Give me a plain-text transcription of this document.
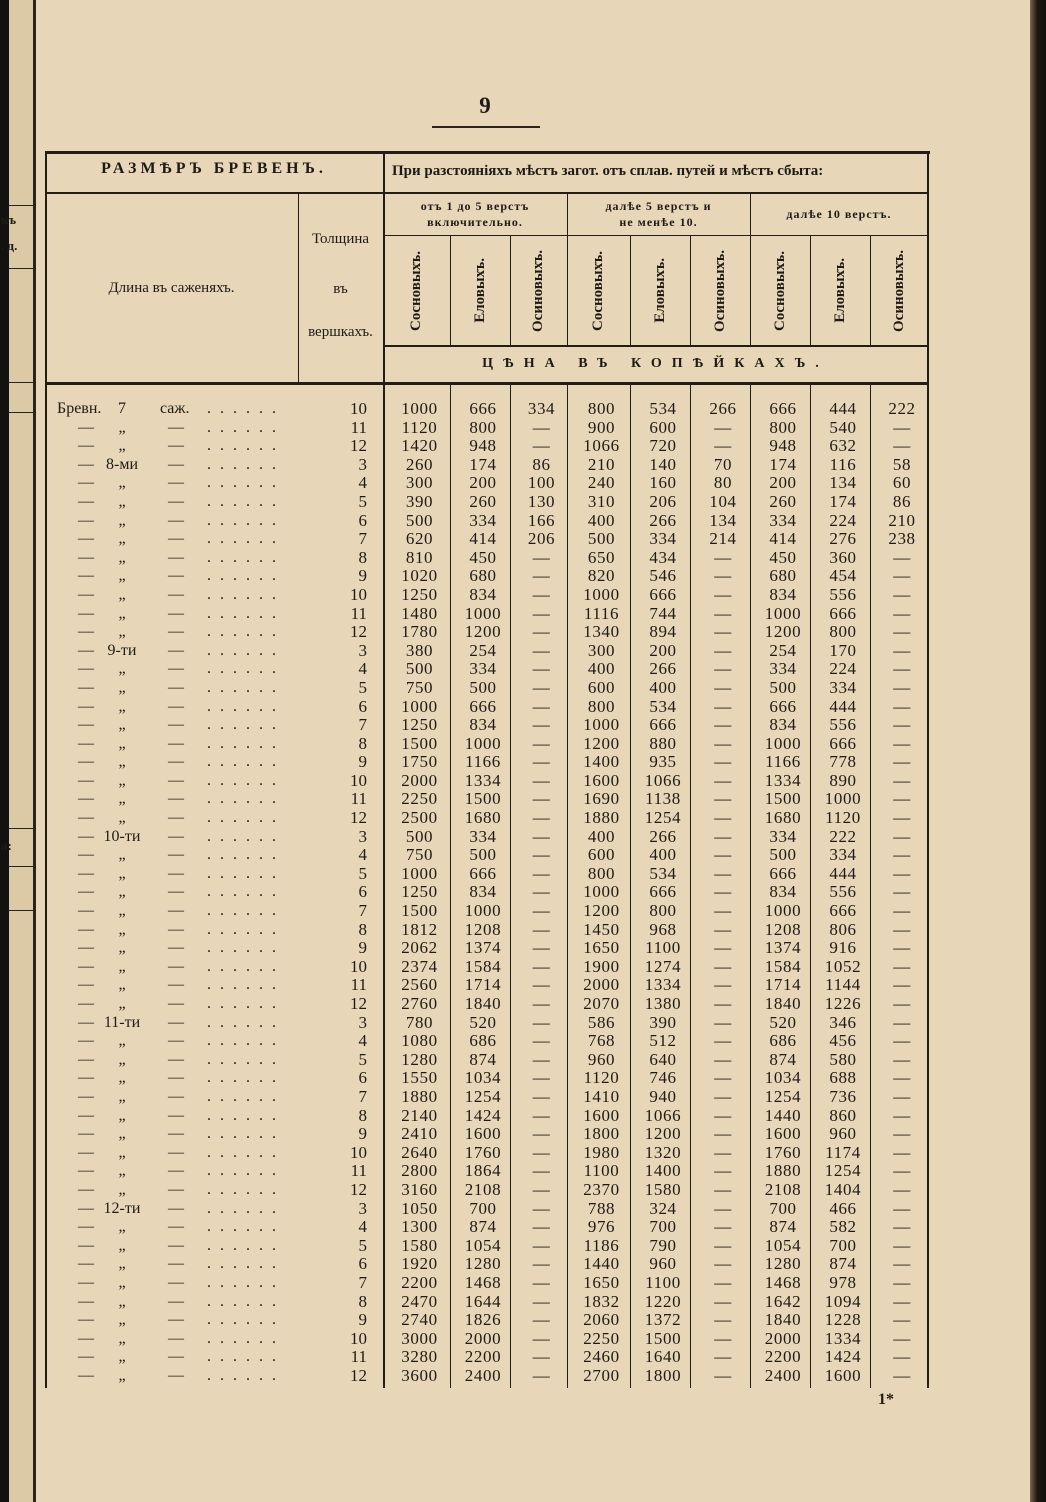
къ
. д.
а:
9
РАЗМѢРЪ БРЕВЕНЪ.	При разстояніяхъ мѣстъ загот. отъ сплав. путей и мѣстъ сбыта:
Длина въ саженяхъ.
Толщина
въ
вершкахъ.
отъ 1 до 5 верстъ
включительно.
далѣе 5 верстъ и
не менѣе 10.
далѣе 10 верстъ.
Сосновыхъ.	Еловыхъ.	Осиновыхъ.	Сосновыхъ.	Еловыхъ.	Осиновыхъ.	Сосновыхъ.	Еловыхъ.	Осиновыхъ.
ЦѢНА ВЪ КОПѢЙКАХЪ.
Бревн.	7	саж. . . . . . .	10	1000	666	334	800	534	266	666	444	222
—	„	— . . . . . .	11	1120	800	—	900	600	—	800	540	—
—	„	— . . . . . .	12	1420	948	—	1066	720	—	948	632	—
— 8-ми	— . . . . . .	3	260	174	86	210	140	70	174	116	58
—	„	— . . . . . .	4	300	200	100	240	160	80	200	134	60
—	„	— . . . . . .	5	390	260	130	310	206	104	260	174	86
—	„	— . . . . . .	6	500	334	166	400	266	134	334	224	210
—	„	— . . . . . .	7	620	414	206	500	334	214	414	276	238
—	„	— . . . . . .	8	810	450	—	650	434	—	450	360	—
—	„	— . . . . . .	9	1020	680	—	820	546	—	680	454	—
—	„	— . . . . . .	10	1250	834	—	1000	666	—	834	556	—
—	„	— . . . . . .	11	1480	1000	—	1116	744	—	1000	666	—
—	„	— . . . . . .	12	1780	1200	—	1340	894	—	1200	800	—
— 9-ти	— . . . . . .	3	380	254	—	300	200	—	254	170	—
—	„	— . . . . . .	4	500	334	—	400	266	—	334	224	—
—	„	— . . . . . .	5	750	500	—	600	400	—	500	334	—
—	„	— . . . . . .	6	1000	666	—	800	534	—	666	444	—
—	„	— . . . . . .	7	1250	834	—	1000	666	—	834	556	—
—	„	— . . . . . .	8	1500	1000	—	1200	880	—	1000	666	—
—	„	— . . . . . .	9	1750	1166	—	1400	935	—	1166	778	—
—	„	— . . . . . .	10	2000	1334	—	1600	1066	—	1334	890	—
—	„	— . . . . . .	11	2250	1500	—	1690	1138	—	1500	1000	—
—	„	— . . . . . .	12	2500	1680	—	1880	1254	—	1680	1120	—
— 10-ти	— . . . . . .	3	500	334	—	400	266	—	334	222	—
—	„	— . . . . . .	4	750	500	—	600	400	—	500	334	—
—	„	— . . . . . .	5	1000	666	—	800	534	—	666	444	—
—	„	— . . . . . .	6	1250	834	—	1000	666	—	834	556	—
—	„	— . . . . . .	7	1500	1000	—	1200	800	—	1000	666	—
—	„	— . . . . . .	8	1812	1208	—	1450	968	—	1208	806	—
—	„	— . . . . . .	9	2062	1374	—	1650	1100	—	1374	916	—
—	„	— . . . . . .	10	2374	1584	—	1900	1274	—	1584	1052	—
—	„	— . . . . . .	11	2560	1714	—	2000	1334	—	1714	1144	—
—	„	— . . . . . .	12	2760	1840	—	2070	1380	—	1840	1226	—
— 11-ти	— . . . . . .	3	780	520	—	586	390	—	520	346	—
—	„	— . . . . . .	4	1080	686	—	768	512	—	686	456	—
—	„	— . . . . . .	5	1280	874	—	960	640	—	874	580	—
—	„	— . . . . . .	6	1550	1034	—	1120	746	—	1034	688	—
—	„	— . . . . . .	7	1880	1254	—	1410	940	—	1254	736	—
—	„	— . . . . . .	8	2140	1424	—	1600	1066	—	1440	860	—
—	„	— . . . . . .	9	2410	1600	—	1800	1200	—	1600	960	—
—	„	— . . . . . .	10	2640	1760	—	1980	1320	—	1760	1174	—
—	„	— . . . . . .	11	2800	1864	—	1100	1400	—	1880	1254	—
—	„	— . . . . . .	12	3160	2108	—	2370	1580	—	2108	1404	—
— 12-ти	— . . . . . .	3	1050	700	—	788	324	—	700	466	—
—	„	— . . . . . .	4	1300	874	—	976	700	—	874	582	—
—	„	— . . . . . .	5	1580	1054	—	1186	790	—	1054	700	—
—	„	— . . . . . .	6	1920	1280	—	1440	960	—	1280	874	—
—	„	— . . . . . .	7	2200	1468	—	1650	1100	—	1468	978	—
—	„	— . . . . . .	8	2470	1644	—	1832	1220	—	1642	1094	—
—	„	— . . . . . .	9	2740	1826	—	2060	1372	—	1840	1228	—
—	„	— . . . . . .	10	3000	2000	—	2250	1500	—	2000	1334	—
—	„	— . . . . . .	11	3280	2200	—	2460	1640	—	2200	1424	—
—	„	— . . . . . .	12	3600	2400	—	2700	1800	—	2400	1600	—
1*
